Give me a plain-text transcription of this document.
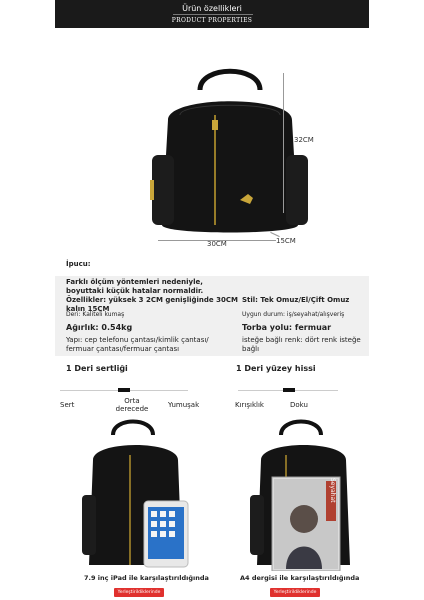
Ürün özellikleri
PRODUCT PROPERTIES
32CM
30CM	15CM
İpucu:
Farklı ölçüm yöntemleri nedeniyle, boyuttaki küçük hatalar normaldir. Özellikler: yüksek 3 2CM genişliğinde 30CM kalın 15CM
Stil: Tek Omuz/El/Çift Omuz
Deri: Kaliteli kumaş	Uygun durum: iş/seyahat/alışveriş
Ağırlık: 0.54kg	Torba yolu: fermuar
Yapı: cep telefonu çantası/kimlik çantası/ fermuar çantası/fermuar çantası
isteğe bağlı renk: dört renk isteğe bağlı
1 Deri sertliği
Sert	Orta derecede	Yumuşak
1 Deri yüzey hissi
Kırışıklık	Doku
7.9 inç iPad ile karşılaştırıldığında
Yerleştirildiklerinde
Seyahat
A4 dergisi ile karşılaştırıldığında
Yerleştirildiklerinde
